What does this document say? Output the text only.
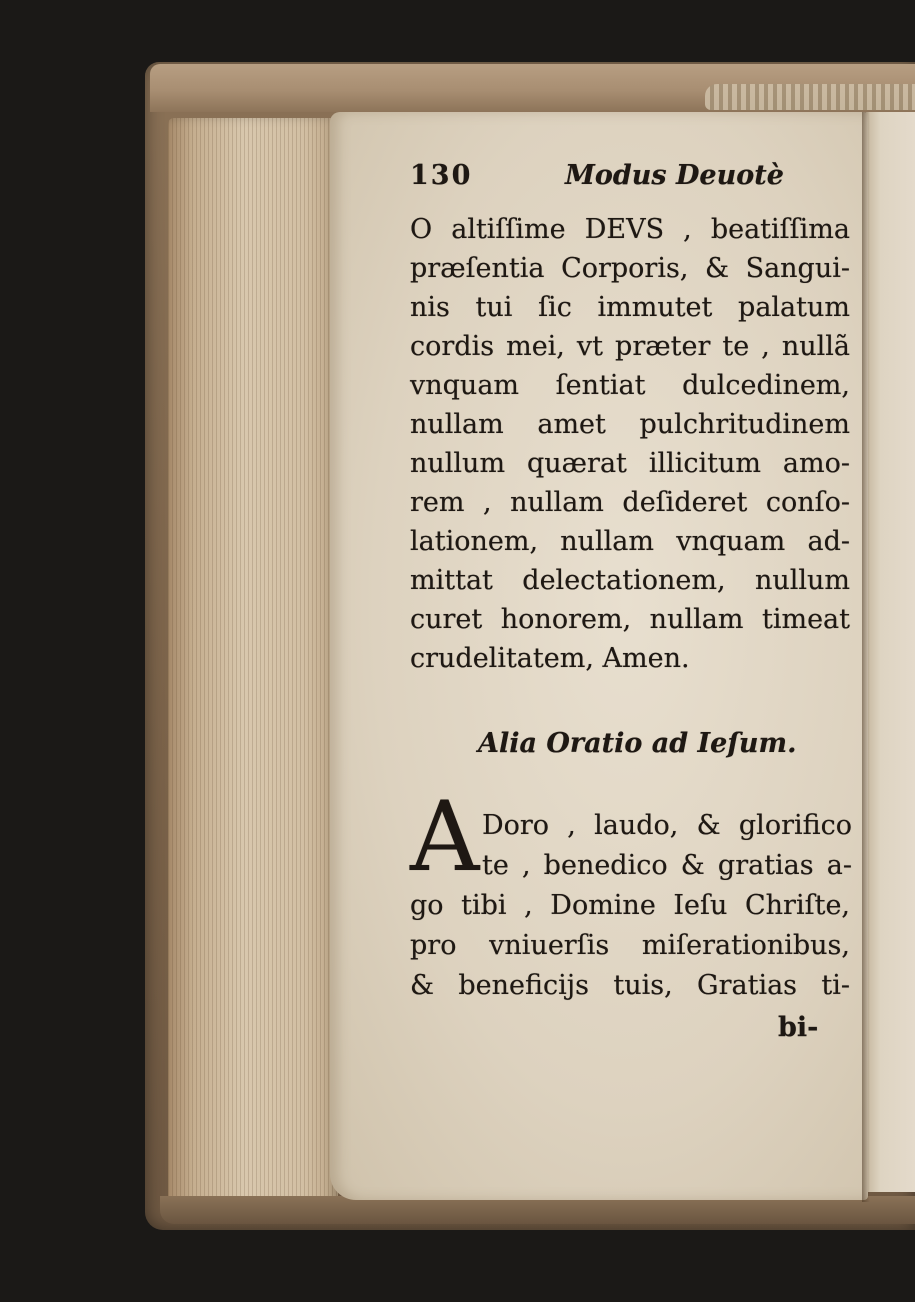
130	Modus Deuotè
O altiſſime DEVS , beatiſſima
præſentia Corporis, & Sangui-
nis tui ſic immutet palatum
cordis mei, vt præter te , nullã
vnquam ſentiat dulcedinem,
nullam amet pulchritudinem
nullum quærat illicitum amo-
rem , nullam deſideret conſo-
lationem, nullam vnquam ad-
mittat delectationem, nullum
curet honorem, nullam timeat
crudelitatem, Amen.
Alia Oratio ad Ieſum.
A Doro , laudo, & glorifico
te , benedico & gratias a-
go tibi , Domine Ieſu Chriſte,
pro vniuerſis miſerationibus,
& beneficijs tuis, Gratias ti-
bi-
